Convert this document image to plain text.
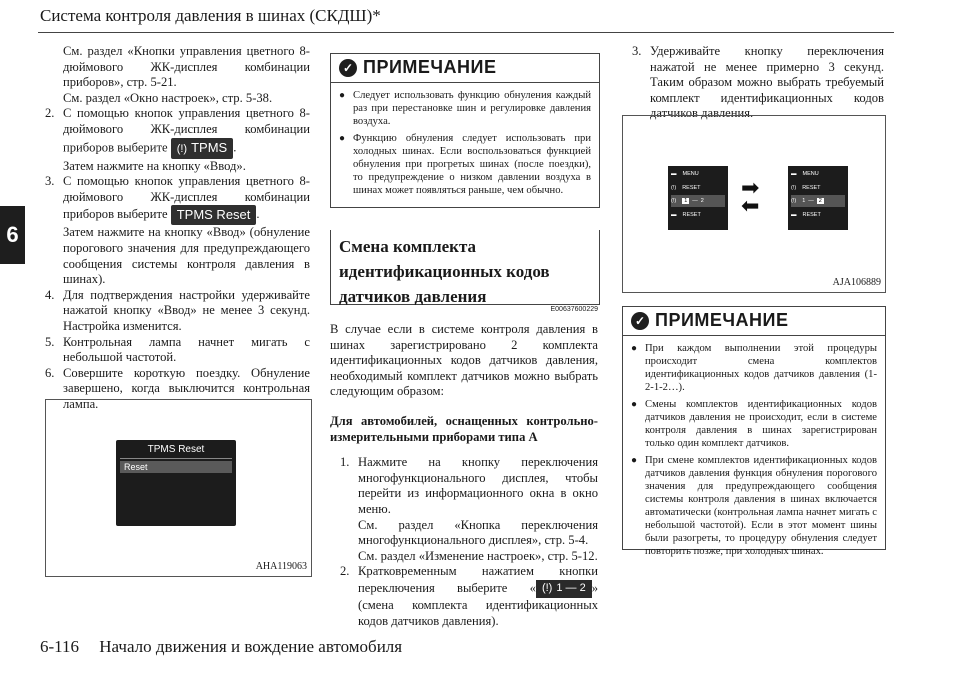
Система контроля давления в шинах (СКДШ)*
6

См. раздел «Кнопки управления цветного 8-дюймового ЖК-дисплея комбинации приборов», стр. 5-21.

См. раздел «Окно настроек», стр. 5-38.

2. С помощью кнопок управления цветного 8-дюймового ЖК-дисплея комбинации приборов выберите (!) TPMS .
Затем нажмите на кнопку «Ввод».
3. С помощью кнопок управления цветного 8-дюймового ЖК-дисплея комбинации приборов выберите TPMS Reset .
Затем нажмите на кнопку «Ввод» (обнуление порогового значения для предупреждающего сообщения системы контроля давления в шинах).
4. Для подтверждения настройки удерживайте нажатой кнопку «Ввод» не менее 3 секунд. Настройка изменится.
5. Контрольная лампа начнет мигать с небольшой частотой.
6. Совершите короткую поездку. Обнуление завершено, когда выключится контрольная лампа.
TPMS Reset
Reset
AHA119063
✓ ПРИМЕЧАНИЕ
● Следует использовать функцию обнуления каждый раз при перестановке шин и регулировке давления воздуха.
● Функцию обнуления следует использовать при холодных шинах. Если воспользоваться функцией обнуления при прогретых шинах (после поездки), то предупреждение о низком давлении воздуха в шинах может появляться раньше, чем обычно.
Смена комплекта идентификационных кодов датчиков давления
E00637600229

В случае если в системе контроля давления в шинах зарегистрировано 2 комплекта идентификационных кодов датчиков давления, необходимый комплект датчиков можно выбрать следующим образом:

Для автомобилей, оснащенных контрольно-измерительными приборами типа А

1. Нажмите на кнопку переключения многофункционального дисплея, чтобы перейти из информационного окна в окно меню.
См. раздел «Кнопка переключения многофункционального дисплея», стр. 5-4.
См. раздел «Изменение настроек», стр. 5-12.
2. Кратковременным нажатием кнопки переключения выберите « (!) 1 — 2 » (смена комплекта идентификационных кодов датчиков давления).
3. Удерживайте кнопку переключения нажатой не менее примерно 3 секунд. Таким образом можно выбрать требуемый комплект идентификационных кодов датчиков давления.
▬ MENU
(!) RESET
(!)	1 — 2
▬ RESET
➡
⬅
▬ MENU
(!) RESET
(!) 1 — 2
▬ RESET
AJA106889
✓ ПРИМЕЧАНИЕ
● При каждом выполнении этой процедуры происходит смена комплектов идентификационных кодов датчиков давления (1-2-1-2…).
● Смены комплектов идентификационных кодов датчиков давления не происходит, если в системе контроля давления в шинах зарегистрирован только один комплект датчиков.
● При смене комплектов идентификационных кодов датчиков давления функция обнуления порогового значения для предупреждающего сообщения системы контроля давления в шинах включается автоматически (контрольная лампа начнет мигать с небольшой частотой). Если в этот момент шины были разогреты, то процедуру обнуления следует повторить позже, при холодных шинах.
6-116 Начало движения и вождение автомобиля
